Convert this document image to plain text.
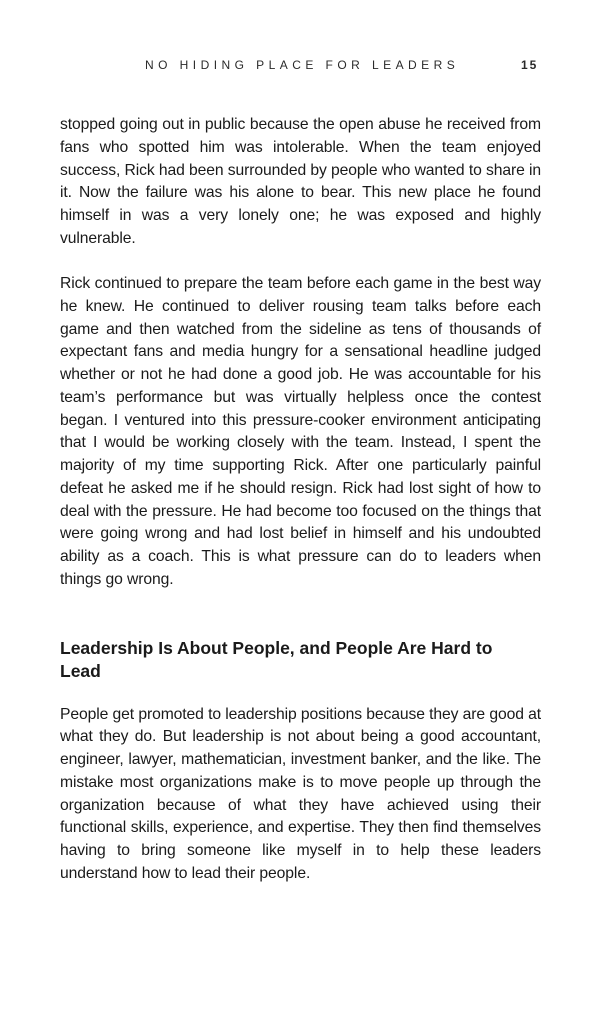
NO HIDING PLACE FOR LEADERS	15

stopped going out in public because the open abuse he received from fans who spotted him was intolerable. When the team enjoyed success, Rick had been surrounded by people who wanted to share in it. Now the failure was his alone to bear. This new place he found himself in was a very lonely one; he was exposed and highly vulnerable.

Rick continued to prepare the team before each game in the best way he knew. He continued to deliver rousing team talks before each game and then watched from the sideline as tens of thousands of expectant fans and media hungry for a sensational headline judged whether or not he had done a good job. He was accountable for his team’s performance but was virtually helpless once the contest began. I ventured into this pressure-cooker environment anticipating that I would be working closely with the team. Instead, I spent the majority of my time supporting Rick. After one particularly painful defeat he asked me if he should resign. Rick had lost sight of how to deal with the pressure. He had become too focused on the things that were going wrong and had lost belief in himself and his undoubted ability as a coach. This is what pressure can do to leaders when things go wrong.

Leadership Is About People, and People Are Hard to Lead

People get promoted to leadership positions because they are good at what they do. But leadership is not about being a good accountant, engineer, lawyer, mathematician, investment banker, and the like. The mistake most organizations make is to move people up through the organization because of what they have achieved using their functional skills, experience, and expertise. They then find themselves having to bring someone like myself in to help these leaders understand how to lead their people.
